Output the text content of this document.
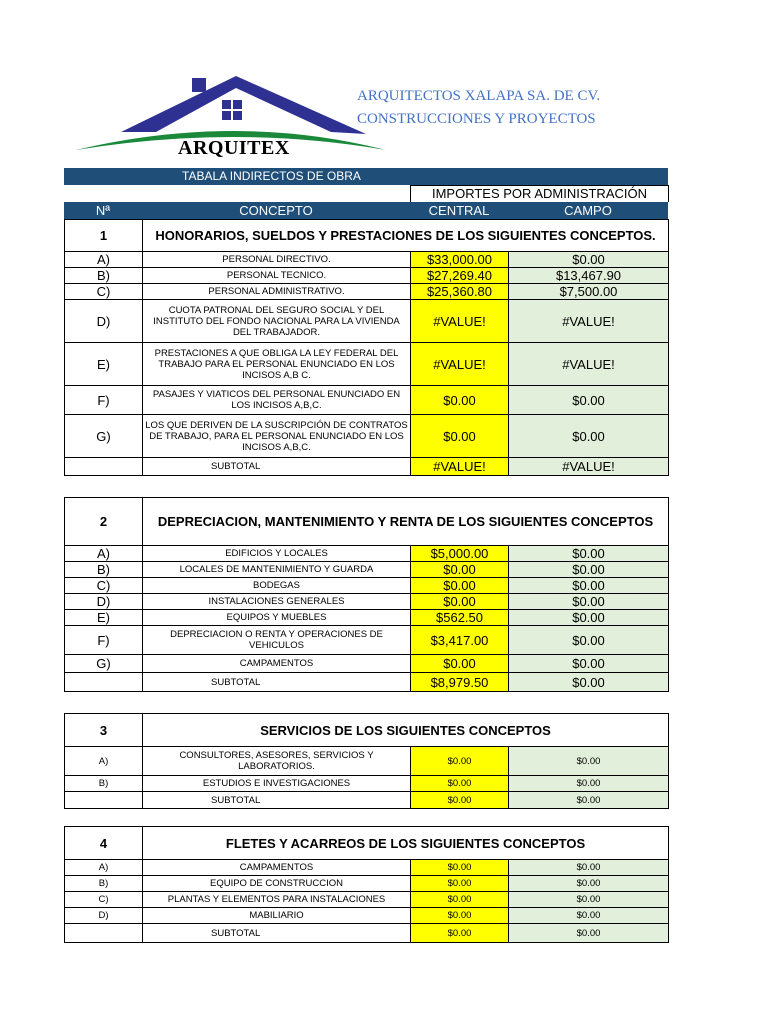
ARQUITEX
ARQUITECTOS XALAPA SA. DE CV.
CONSTRUCCIONES Y PROYECTOS
TABALA INDIRECTOS DE OBRA
IMPORTES POR ADMINISTRACIÓN
Nª	CONCEPTO	CENTRAL	CAMPO
1	HONORARIOS, SUELDOS Y PRESTACIONES DE LOS SIGUIENTES CONCEPTOS.		
A)	PERSONAL DIRECTIVO.	$33,000.00	$0.00
B)	PERSONAL TECNICO.	$27,269.40	$13,467.90
C)	PERSONAL ADMINISTRATIVO.	$25,360.80	$7,500.00
D)	CUOTA PATRONAL DEL SEGURO SOCIAL Y DEL INSTITUTO DEL FONDO NACIONAL PARA LA VIVIENDA DEL TRABAJADOR.	#VALUE!	#VALUE!
E)	PRESTACIONES A QUE OBLIGA LA LEY FEDERAL DEL TRABAJO PARA EL PERSONAL ENUNCIADO EN LOS INCISOS A,B C.	#VALUE!	#VALUE!
F)	PASAJES Y VIATICOS DEL PERSONAL ENUNCIADO EN LOS INCISOS A,B,C.	$0.00	$0.00
G)	LOS QUE DERIVEN DE LA SUSCRIPCIÓN DE CONTRATOS DE TRABAJO, PARA EL PERSONAL ENUNCIADO EN LOS INCISOS A,B,C.	$0.00	$0.00
	SUBTOTAL	#VALUE!	#VALUE!
2	DEPRECIACION, MANTENIMIENTO Y RENTA DE LOS SIGUIENTES CONCEPTOS		
A)	EDIFICIOS Y LOCALES	$5,000.00	$0.00
B)	LOCALES DE MANTENIMIENTO Y GUARDA	$0.00	$0.00
C)	BODEGAS	$0.00	$0.00
D)	INSTALACIONES GENERALES	$0.00	$0.00
E)	EQUIPOS Y MUEBLES	$562.50	$0.00
F)	DEPRECIACION O RENTA Y OPERACIONES DE VEHICULOS	$3,417.00	$0.00
G)	CAMPAMENTOS	$0.00	$0.00
	SUBTOTAL	$8,979.50	$0.00
3	SERVICIOS DE LOS SIGUIENTES CONCEPTOS		
A)	CONSULTORES, ASESORES, SERVICIOS Y LABORATORIOS.	$0.00	$0.00
B)	ESTUDIOS E INVESTIGACIONES	$0.00	$0.00
	SUBTOTAL	$0.00	$0.00
4	FLETES Y ACARREOS DE LOS SIGUIENTES CONCEPTOS		
A)	CAMPAMENTOS	$0.00	$0.00
B)	EQUIPO DE CONSTRUCCION	$0.00	$0.00
C)	PLANTAS Y ELEMENTOS PARA INSTALACIONES	$0.00	$0.00
D)	MABILIARIO	$0.00	$0.00
	SUBTOTAL	$0.00	$0.00
